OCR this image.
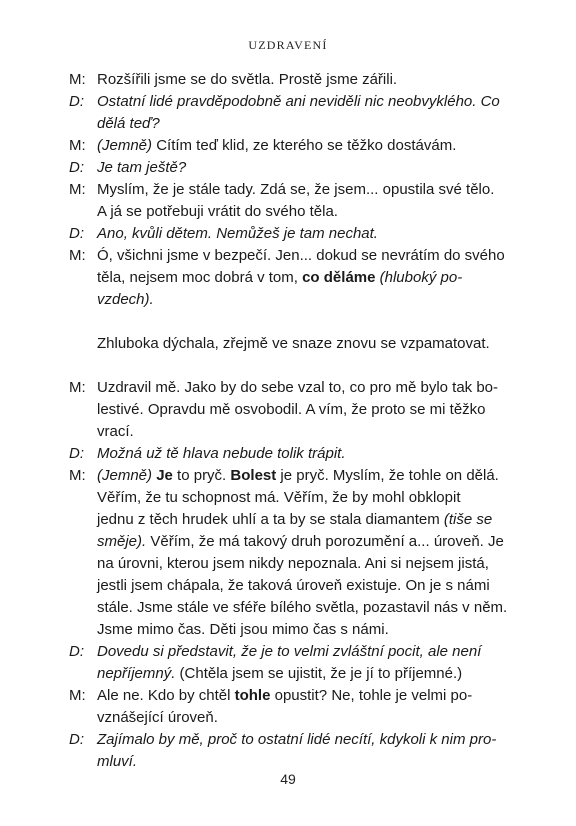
UZDRAVENÍ
M: Rozšířili jsme se do světla. Prostě jsme zářili.
D: Ostatní lidé pravděpodobně ani neviděli nic neobvyklého. Co
dělá teď?
M: (Jemně) Cítím teď klid, ze kterého se těžko dostávám.
D: Je tam ještě?
M: Myslím, že je stále tady. Zdá se, že jsem... opustila své tělo.
A já se potřebuji vrátit do svého těla.
D: Ano, kvůli dětem. Nemůžeš je tam nechat.
M: Ó, všichni jsme v bezpečí. Jen... dokud se nevrátím do svého
těla, nejsem moc dobrá v tom, co děláme (hluboký po-
vzdech).
Zhluboka dýchala, zřejmě ve snaze znovu se vzpamatovat.
M: Uzdravil mě. Jako by do sebe vzal to, co pro mě bylo tak bo-
lestivé. Opravdu mě osvobodil. A vím, že proto se mi těžko
vrací.
D: Možná už tě hlava nebude tolik trápit.
M: (Jemně) Je to pryč. Bolest je pryč. Myslím, že tohle on dělá.
Věřím, že tu schopnost má. Věřím, že by mohl obklopit
jednu z těch hrudek uhlí a ta by se stala diamantem (tiše se
směje). Věřím, že má takový druh porozumění a... úroveň. Je
na úrovni, kterou jsem nikdy nepoznala. Ani si nejsem jistá,
jestli jsem chápala, že taková úroveň existuje. On je s námi
stále. Jsme stále ve sféře bílého světla, pozastavil nás v něm.
Jsme mimo čas. Děti jsou mimo čas s námi.
D: Dovedu si představit, že je to velmi zvláštní pocit, ale není
nepříjemný. (Chtěla jsem se ujistit, že je jí to příjemné.)
M: Ale ne. Kdo by chtěl tohle opustit? Ne, tohle je velmi po-
vznášející úroveň.
D: Zajímalo by mě, proč to ostatní lidé necítí, kdykoli k nim pro-
mluví.
49
